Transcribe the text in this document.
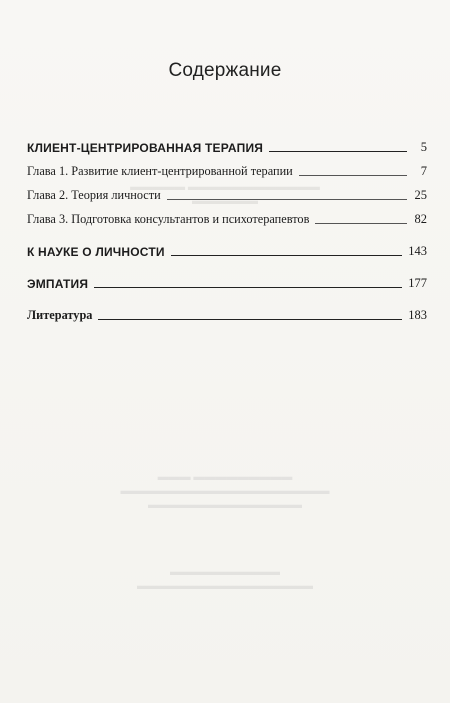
▬▬▬▬▬ ▬▬▬▬▬▬▬▬▬▬▬▬
▬▬▬▬▬▬
▬▬▬ ▬▬▬▬▬▬▬▬▬
▬▬▬▬▬▬▬▬▬▬▬▬▬▬▬▬▬▬▬
▬▬▬▬▬▬▬▬▬▬▬▬▬▬
▬▬▬▬▬▬▬▬▬▬
▬▬▬▬▬▬▬▬▬▬▬▬▬▬▬▬
Содержание
КЛИЕНТ-ЦЕНТРИРОВАННАЯ ТЕРАПИЯ	5
Глава 1. Развитие клиент-центрированной терапии	7
Глава 2. Теория личности	25
Глава 3. Подготовка консультантов и психотерапевтов	82
К НАУКЕ О ЛИЧНОСТИ	143
ЭМПАТИЯ	177
Литература	183
